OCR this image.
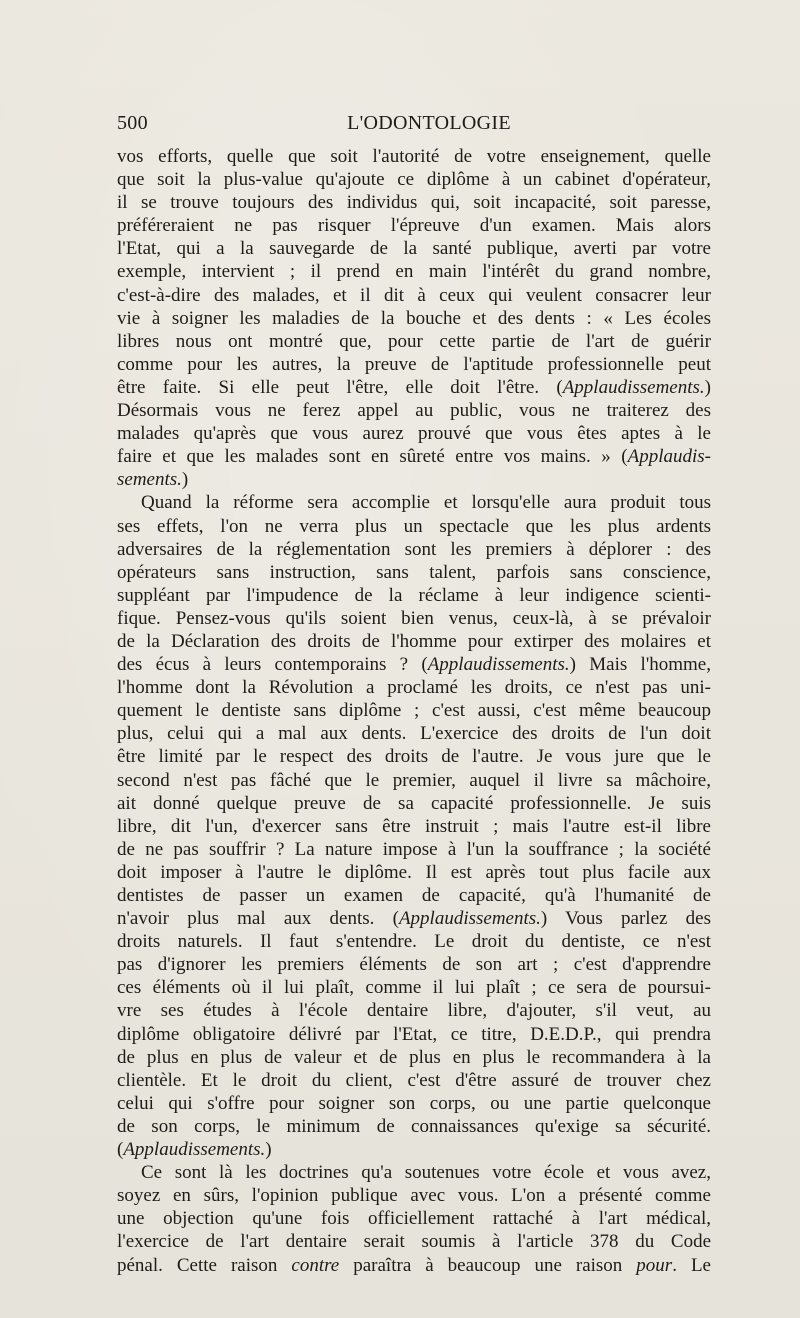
500	L'ODONTOLOGIE
vos efforts, quelle que soit l'autorité de votre enseignement, quelle
que soit la plus-value qu'ajoute ce diplôme à un cabinet d'opérateur,
il se trouve toujours des individus qui, soit incapacité, soit paresse,
préféreraient ne pas risquer l'épreuve d'un examen. Mais alors
l'Etat, qui a la sauvegarde de la santé publique, averti par votre
exemple, intervient ; il prend en main l'intérêt du grand nombre,
c'est-à-dire des malades, et il dit à ceux qui veulent consacrer leur
vie à soigner les maladies de la bouche et des dents : « Les écoles
libres nous ont montré que, pour cette partie de l'art de guérir
comme pour les autres, la preuve de l'aptitude professionnelle peut
être faite. Si elle peut l'être, elle doit l'être. (Applaudissements.)
Désormais vous ne ferez appel au public, vous ne traiterez des
malades qu'après que vous aurez prouvé que vous êtes aptes à le
faire et que les malades sont en sûreté entre vos mains. » (Applaudis-
sements.)
Quand la réforme sera accomplie et lorsqu'elle aura produit tous
ses effets, l'on ne verra plus un spectacle que les plus ardents
adversaires de la réglementation sont les premiers à déplorer : des
opérateurs sans instruction, sans talent, parfois sans conscience,
suppléant par l'impudence de la réclame à leur indigence scienti-
fique. Pensez-vous qu'ils soient bien venus, ceux-là, à se prévaloir
de la Déclaration des droits de l'homme pour extirper des molaires et
des écus à leurs contemporains ? (Applaudissements.) Mais l'homme,
l'homme dont la Révolution a proclamé les droits, ce n'est pas uni-
quement le dentiste sans diplôme ; c'est aussi, c'est même beaucoup
plus, celui qui a mal aux dents. L'exercice des droits de l'un doit
être limité par le respect des droits de l'autre. Je vous jure que le
second n'est pas fâché que le premier, auquel il livre sa mâchoire,
ait donné quelque preuve de sa capacité professionnelle. Je suis
libre, dit l'un, d'exercer sans être instruit ; mais l'autre est-il libre
de ne pas souffrir ? La nature impose à l'un la souffrance ; la société
doit imposer à l'autre le diplôme. Il est après tout plus facile aux
dentistes de passer un examen de capacité, qu'à l'humanité de
n'avoir plus mal aux dents. (Applaudissements.) Vous parlez des
droits naturels. Il faut s'entendre. Le droit du dentiste, ce n'est
pas d'ignorer les premiers éléments de son art ; c'est d'apprendre
ces éléments où il lui plaît, comme il lui plaît ; ce sera de poursui-
vre ses études à l'école dentaire libre, d'ajouter, s'il veut, au
diplôme obligatoire délivré par l'Etat, ce titre, D.E.D.P., qui prendra
de plus en plus de valeur et de plus en plus le recommandera à la
clientèle. Et le droit du client, c'est d'être assuré de trouver chez
celui qui s'offre pour soigner son corps, ou une partie quelconque
de son corps, le minimum de connaissances qu'exige sa sécurité.
(Applaudissements.)
Ce sont là les doctrines qu'a soutenues votre école et vous avez,
soyez en sûrs, l'opinion publique avec vous. L'on a présenté comme
une objection qu'une fois officiellement rattaché à l'art médical,
l'exercice de l'art dentaire serait soumis à l'article 378 du Code
pénal. Cette raison contre paraîtra à beaucoup une raison pour. Le
